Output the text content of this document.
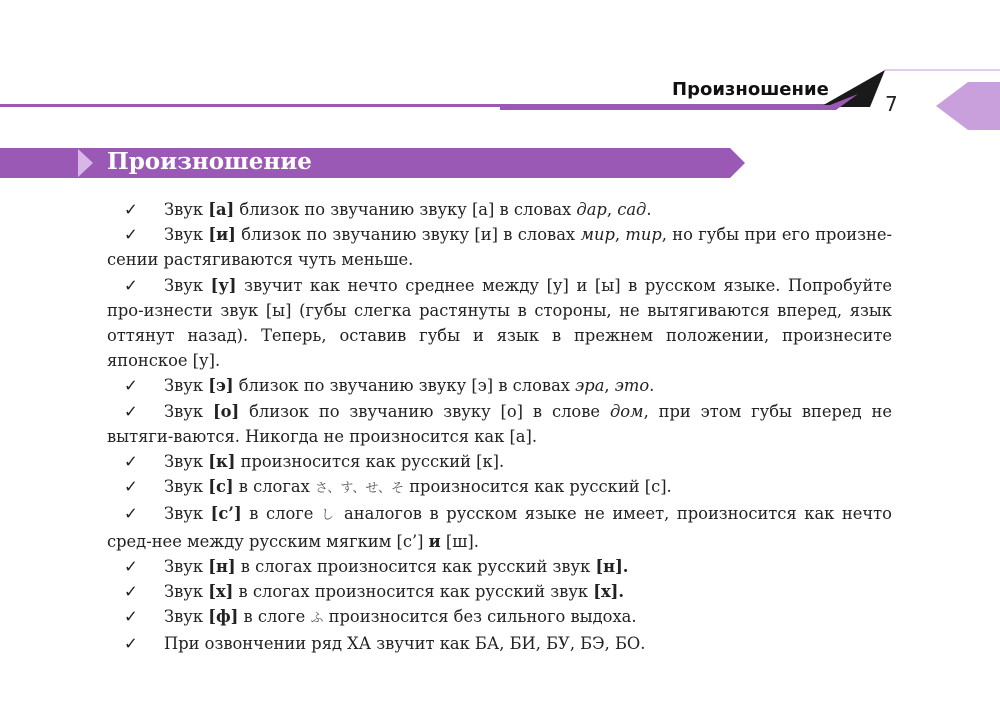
Произношение
7
Произношение

✓ Звук [а] близок по звучанию звуку [а] в словах дар, сад.

✓ Звук [и] близок по звучанию звуку [и] в словах мир, тир, но губы при его произне-сении растягиваются чуть меньше.

✓ Звук [у] звучит как нечто среднее между [у] и [ы] в русском языке. Попробуйте про-изнести звук [ы] (губы слегка растянуты в стороны, не вытягиваются вперед, язык оттянут назад). Теперь, оставив губы и язык в прежнем положении, произнесите японское [у].

✓ Звук [э] близок по звучанию звуку [э] в словах эра, это.

✓ Звук [о] близок по звучанию звуку [о] в слове дом, при этом губы вперед не вытяги-ваются. Никогда не произносится как [а].

✓ Звук [к] произносится как русский [к].

✓ Звук [с] в слогах さ、す、せ、そ произносится как русский [с].

✓ Звук [с’] в слоге し аналогов в русском языке не имеет, произносится как нечто сред-нее между русским мягким [с’] и [ш].

✓ Звук [н] в слогах произносится как русский звук [н].

✓ Звук [х] в слогах произносится как русский звук [х].

✓ Звук [ф] в слоге ふ произносится без сильного выдоха.

✓ При озвончении ряд ХА звучит как БА, БИ, БУ, БЭ, БО.
